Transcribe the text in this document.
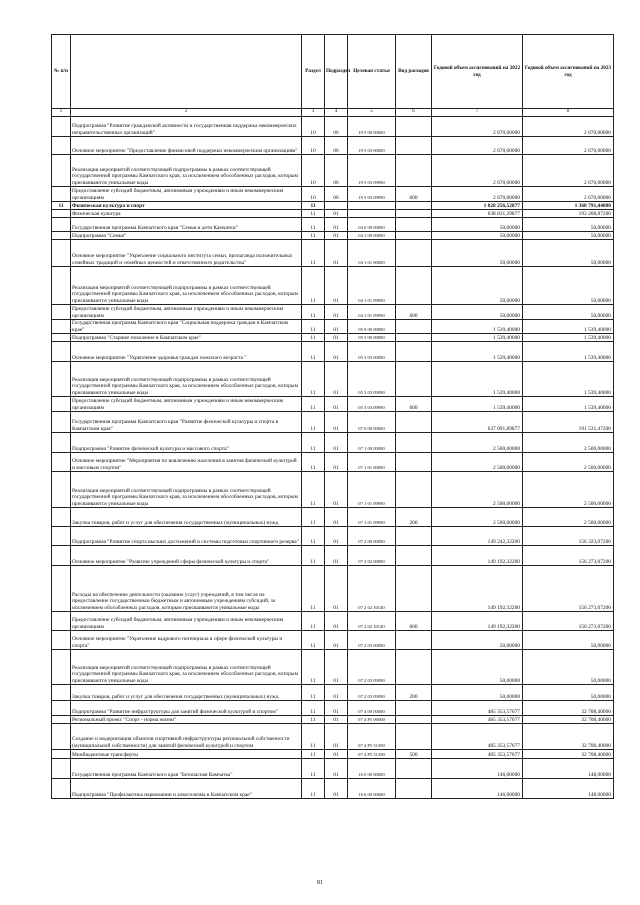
№ п/п		Раздел	Подраздел	Целевая статья	Вид расходов	Годовой объем ассигнований на 2022 год	Годовой объем ассигнований на 2023 год
1	2	3	4	5	6	7	8
	Подпрограмма "Развитие гражданской активности и государственная поддержка некоммерческих неправительственных организаций"	10	06	19 5 00 00000		2 670,00000	2 670,00000
	Основное мероприятие "Предоставление финансовой поддержки некоммерческим организациям"	10	06	19 5 03 00000		2 670,00000	2 670,00000
	Реализация мероприятий соответствующей подпрограммы в рамках соответствующей государственной программы Камчатского края, за исключением обособленных расходов, которым присваиваются уникальные коды	10	06	19 5 03 09990		2 670,00000	2 670,00000
	Предоставление субсидий бюджетным, автономным учреждениям и иным некоммерческим организациям	10	06	19 5 03 09990	600	2 670,00000	2 670,00000
11	Физическая культура и спорт	11				1 828 256,52877	1 368 791,44800
	Физическая культура	11	01			638 831,29877	193 268,87200
	Государственная программа Камчатского края "Семья и дети Камчатки"	11	01	04 0 00 00000		50,00000	50,00000
	Подпрограмма "Семья"	11	01	04 1 00 00000		50,00000	50,00000
	Основное мероприятие "Укрепление социального института семьи, пропаганда положительных семейных традиций и семейных ценностей и ответственного родительства"	11	01	04 1 01 00000		50,00000	50,00000
	Реализация мероприятий соответствующей подпрограммы в рамках соответствующей государственной программы Камчатского края, за исключением обособленных расходов, которым присваиваются уникальные коды	11	01	04 1 01 09990		50,00000	50,00000
	Предоставление субсидий бюджетным, автономным учреждениям и иным некоммерческим организациям	11	01	04 1 01 09990	600	50,00000	50,00000
	Государственная программа Камчатского края "Социальная поддержка граждан в Камчатском крае"	11	01	05 0 00 00000		1 539,40000	1 539,40000
	Подпрограмма "Старшее поколение в Камчатском крае"	11	01	05 3 00 00000		1 539,40000	1 539,40000
	Основное мероприятие "Укрепление здоровья граждан пожилого возраста "	11	01	05 3 03 00000		1 539,40000	1 539,40000
	Реализация мероприятий соответствующей подпрограммы в рамках соответствующей государственной программы Камчатского края, за исключением обособленных расходов, которым присваиваются уникальные коды	11	01	05 3 03 09990		1 539,40000	1 539,40000
	Предоставление субсидий бюджетным, автономным учреждениям и иным некоммерческим организациям	11	01	05 3 03 09990	600	1 539,40000	1 539,40000
	Государственная программа Камчатского края "Развитие физической культуры и спорта в Камчатском крае"	11	01	07 0 00 00000		637 091,89877	191 531,47200
	Подпрограмма "Развитие физической культуры и массового спорта"	11	01	07 1 00 00000		2 500,00000	2 500,00000
	Основное мероприятие "Мероприятия по вовлечению населения в занятия физической культурой и массовым спортом"	11	01	07 1 01 00000		2 500,00000	2 500,00000
	Реализация мероприятий соответствующей подпрограммы в рамках соответствующей государственной программы Камчатского края, за исключением обособленных расходов, которым присваиваются уникальные коды	11	01	07 1 01 09990		2 500,00000	2 500,00000
	Закупка товаров, работ и услуг для обеспечения государственных (муниципальных) нужд	11	01	07 1 01 09990	200	2 500,00000	2 500,00000
	Подпрограмма "Развитие спорта высших достижений и системы подготовки спортивного резерва"	11	01	07 2 00 00000		149 242,32200	156 323,07200
	Основное мероприятие "Развитие учреждений сферы физической культуры и спорта"	11	01	07 2 02 00000		149 192,32200	156 273,07200
	Расходы на обеспечение деятельности (оказание услуг) учреждений, в том числе на предоставление государственным бюджетным и автономным учреждениям субсидий, за исключением обособленных расходов, которым присваиваются уникальные коды	11	01	07 2 02 10140		149 192,32200	156 273,07200
	Предоставление субсидий бюджетным, автономным учреждениям и иным некоммерческим организациям	11	01	07 2 02 10140	600	149 192,32200	156 273,07200
	Основное мероприятие "Укрепление кадрового потенциала в сфере физической культуры и спорта"	11	01	07 2 03 00000		50,00000	50,00000
	Реализация мероприятий соответствующей подпрограммы в рамках соответствующей государственной программы Камчатского края, за исключением обособленных расходов, которым присваиваются уникальные коды	11	01	07 2 03 09990		50,00000	50,00000
	Закупка товаров, работ и услуг для обеспечения государственных (муниципальных) нужд	11	01	07 2 03 09990	200	50,00000	50,00000
	Подпрограмма "Развитие инфраструктуры для занятий физической культурой и спортом"	11	01	07 4 00 00000		485 353,57677	32 708,40000
	Региональный проект "Спорт - норма жизни"	11	01	07 4 P5 00000		485 353,57677	32 708,40000
	Создание и модернизация объектов спортивной инфраструктуры региональной собственности (муниципальной собственности) для занятий физической культурой и спортом	11	01	07 4 P5 51390		485 353,57677	32 708,40000
	Межбюджетные трансферты	11	01	07 4 P5 51390	500	485 353,57677	32 708,40000
	Государственная программа Камчатского края "Безопасная Камчатка"	11	01	16 0 00 00000		146,00000	148,00000
	Подпрограмма "Профилактика наркомании и алкоголизма в Камчатском крае"	11	01	16 6 00 00000		146,00000	148,00000
81
